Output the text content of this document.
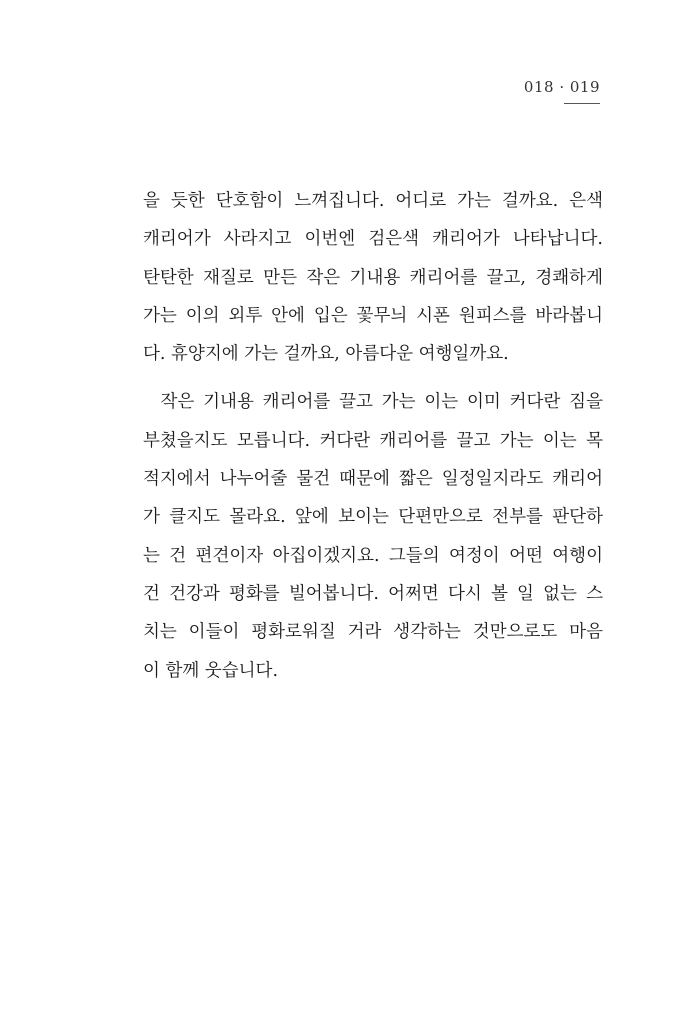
018 · 019

을 듯한 단호함이 느껴집니다. 어디로 가는 걸까요. 은색
캐리어가 사라지고 이번엔 검은색 캐리어가 나타납니다.
탄탄한 재질로 만든 작은 기내용 캐리어를 끌고, 경쾌하게
가는 이의 외투 안에 입은 꽃무늬 시폰 원피스를 바라봅니
다. 휴양지에 가는 걸까요, 아름다운 여행일까요.

작은 기내용 캐리어를 끌고 가는 이는 이미 커다란 짐을
부쳤을지도 모릅니다. 커다란 캐리어를 끌고 가는 이는 목
적지에서 나누어줄 물건 때문에 짧은 일정일지라도 캐리어
가 클지도 몰라요. 앞에 보이는 단편만으로 전부를 판단하
는 건 편견이자 아집이겠지요. 그들의 여정이 어떤 여행이
건 건강과 평화를 빌어봅니다. 어쩌면 다시 볼 일 없는 스
치는 이들이 평화로워질 거라 생각하는 것만으로도 마음
이 함께 웃습니다.
